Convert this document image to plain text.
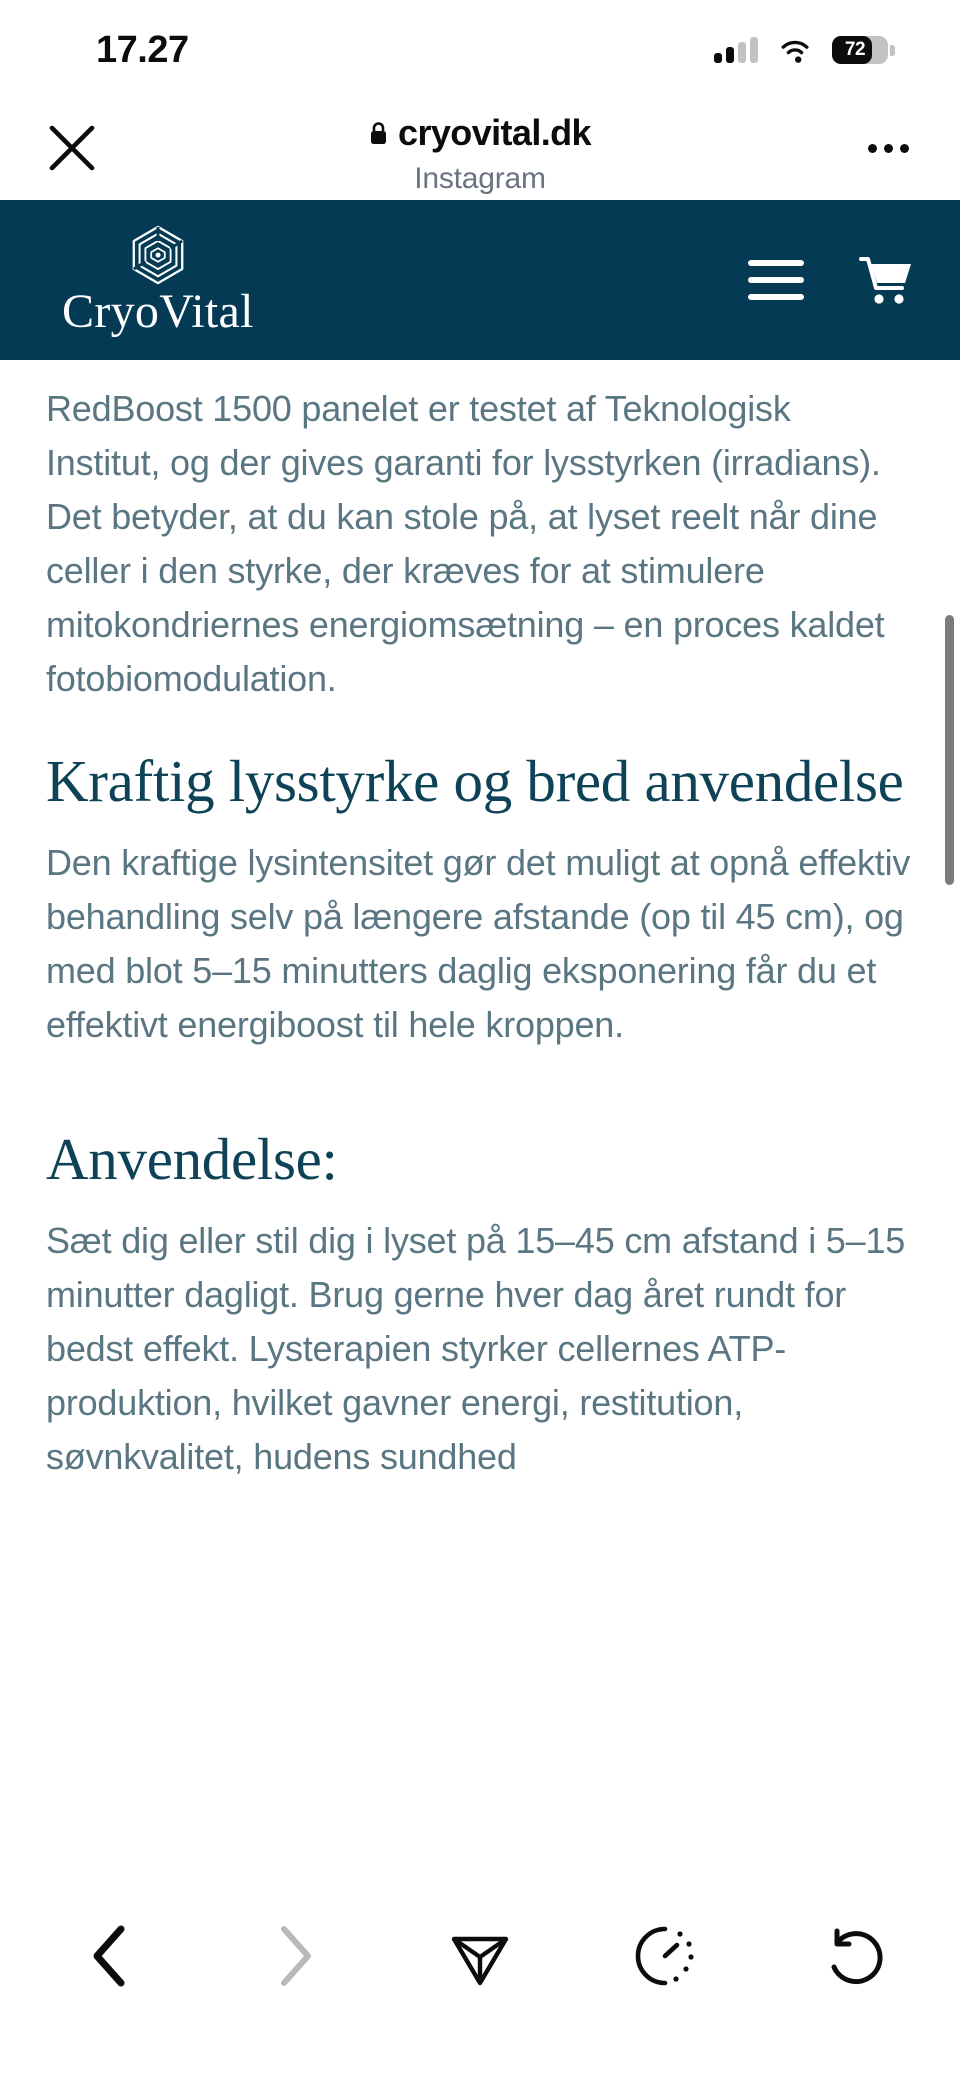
17.27	72
cryovital.dk
Instagram
CryoVital

RedBoost 1500 panelet er testet af Teknologisk Institut, og der gives garanti for lysstyrken (irradians). Det betyder, at du kan stole på, at lyset reelt når dine celler i den styrke, der kræves for at stimulere mitokondriernes energiomsætning – en proces kaldet fotobiomodulation.

Kraftig lysstyrke og bred anvendelse

Den kraftige lysintensitet gør det muligt at opnå effektiv behandling selv på længere afstande (op til 45 cm), og med blot 5–15 minutters daglig eksponering får du et effektivt energiboost til hele kroppen.

Anvendelse:

Sæt dig eller stil dig i lyset på 15–45 cm afstand i 5–15 minutter dagligt. Brug gerne hver dag året rundt for bedst effekt. Lysterapien styrker cellernes ATP-produktion, hvilket gavner energi, restitution, søvnkvalitet, hudens sundhed
